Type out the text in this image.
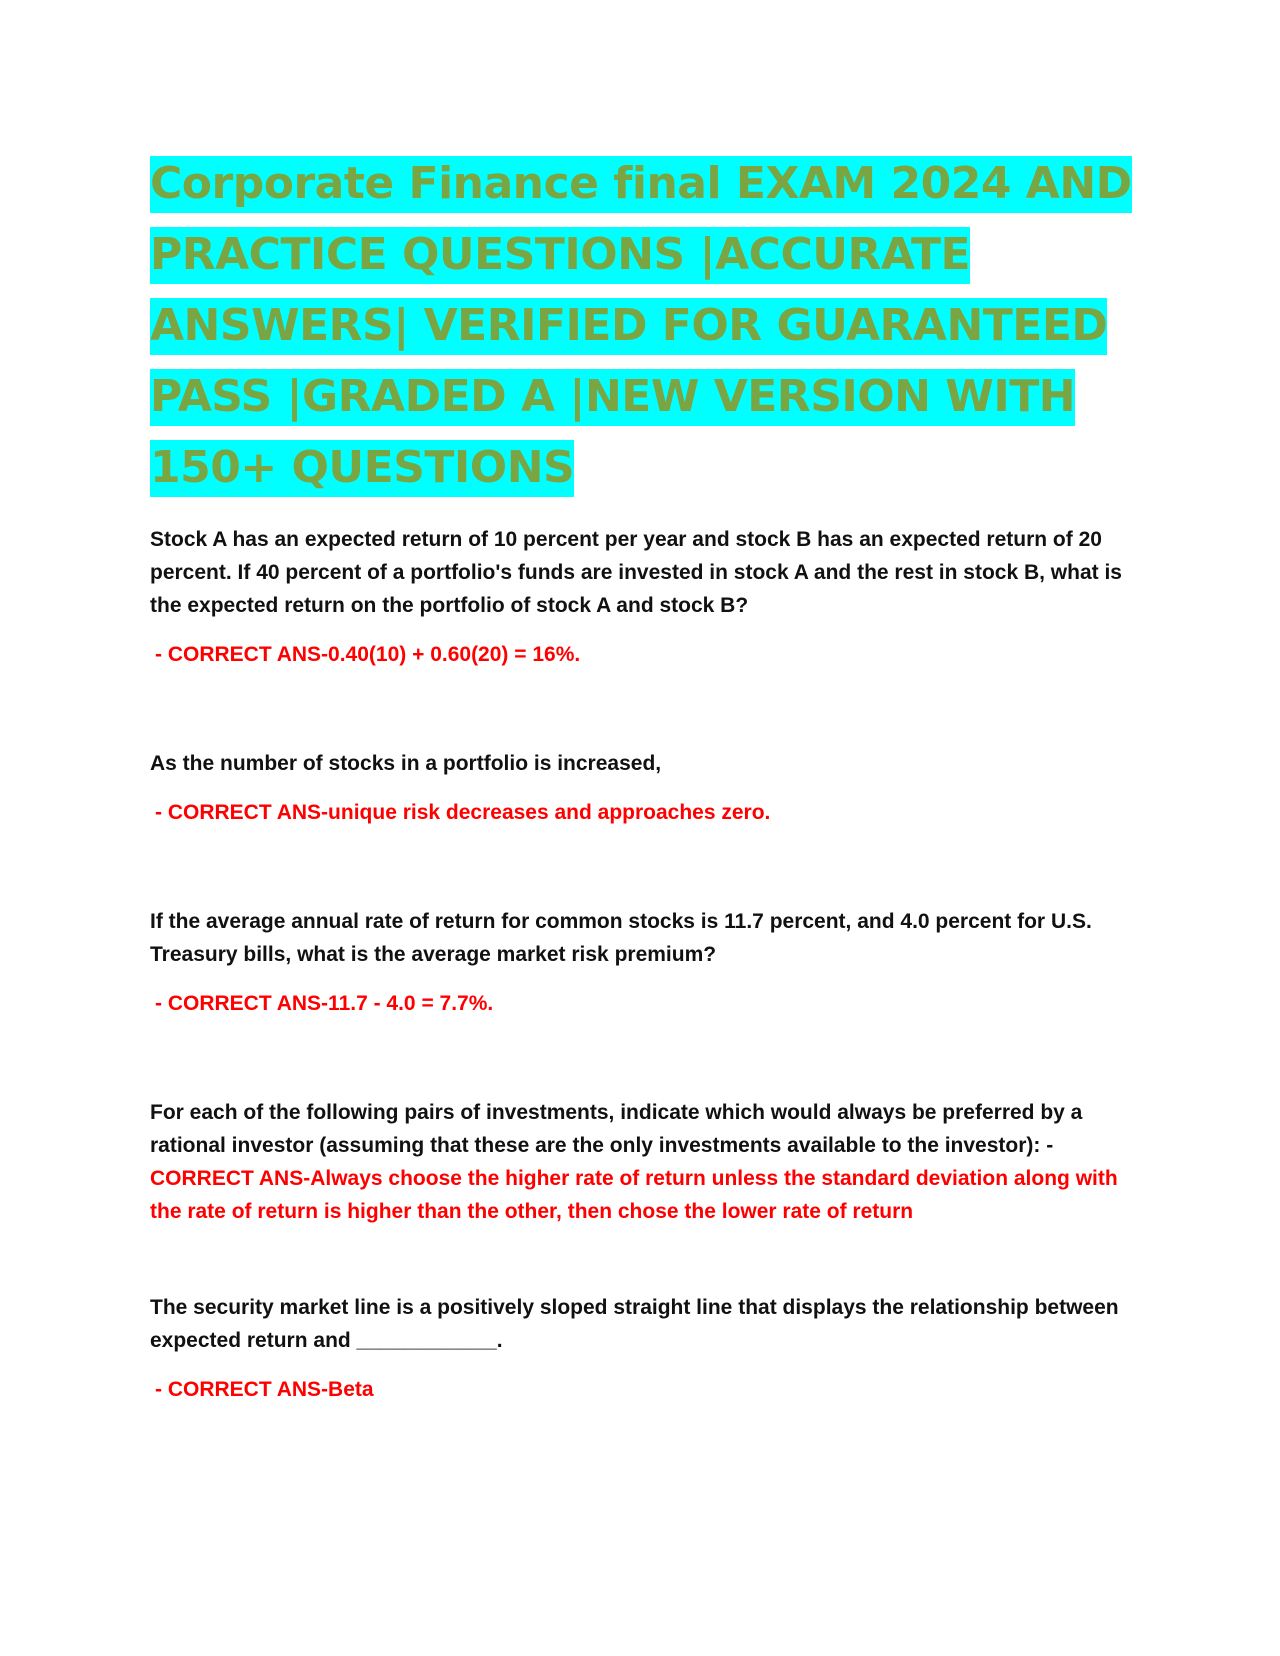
Corporate Finance final EXAM 2024 AND PRACTICE QUESTIONS |ACCURATE ANSWERS| VERIFIED FOR GUARANTEED PASS |GRADED A |NEW VERSION WITH 150+ QUESTIONS

Stock A has an expected return of 10 percent per year and stock B has an expected return of 20 percent. If 40 percent of a portfolio's funds are invested in stock A and the rest in stock B, what is the expected return on the portfolio of stock A and stock B?

- CORRECT ANS-0.40(10) + 0.60(20) = 16%.

As the number of stocks in a portfolio is increased,

- CORRECT ANS-unique risk decreases and approaches zero.

If the average annual rate of return for common stocks is 11.7 percent, and 4.0 percent for U.S. Treasury bills, what is the average market risk premium?

- CORRECT ANS-11.7 - 4.0 = 7.7%.

For each of the following pairs of investments, indicate which would always be preferred by a rational investor (assuming that these are the only investments available to the investor): -

CORRECT ANS-Always choose the higher rate of return unless the standard deviation along with the rate of return is higher than the other, then chose the lower rate of return

The security market line is a positively sloped straight line that displays the relationship between expected return and ____________.

- CORRECT ANS-Beta
